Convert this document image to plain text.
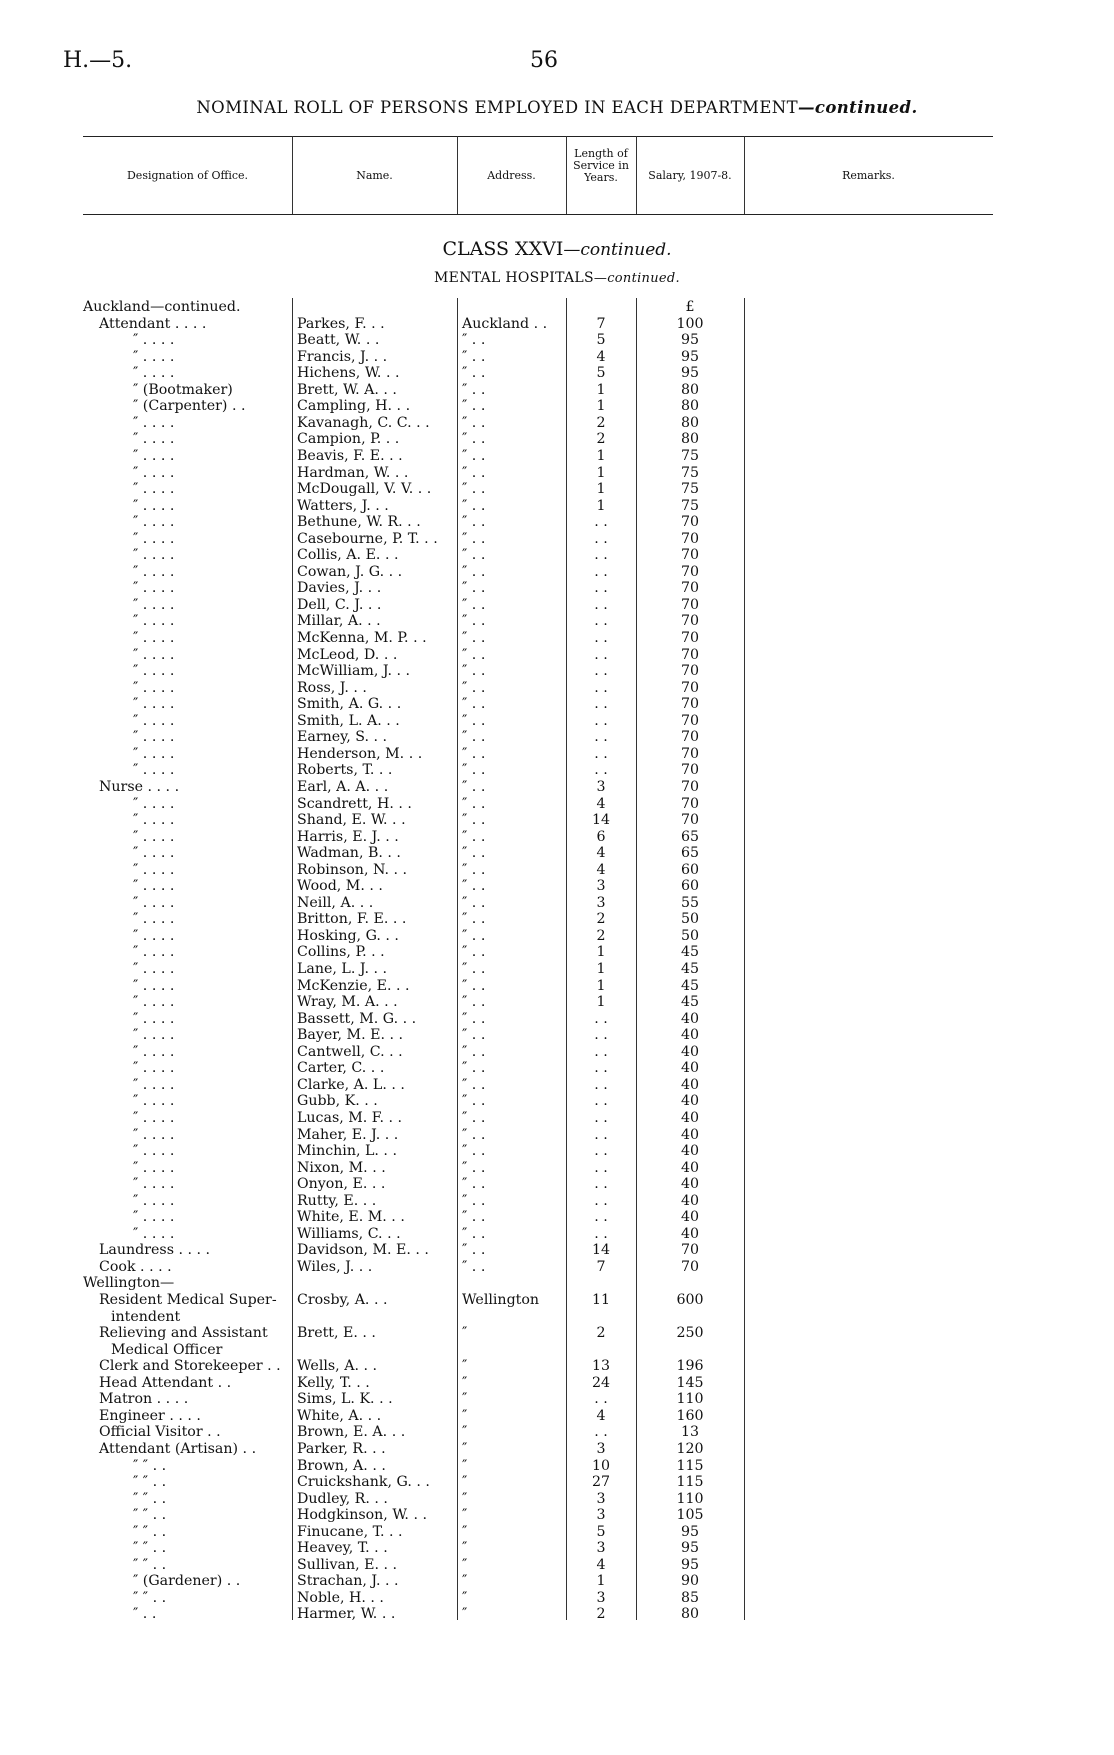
H.—5.	56
NOMINAL ROLL OF PERSONS EMPLOYED IN EACH DEPARTMENT—continued.
Designation of Office.	Name.	Address.
Length of Service in Years.	Salary, 1907-8.	Remarks.
CLASS XXVI—continued.
MENTAL HOSPITALS—continued.
£
Auckland—continued.
Attendant . . . .	Parkes, F. . .	Auckland . .	7	100
″ . . . .	Beatt, W. . .	″ . .	5	95
″ . . . .	Francis, J. . .	″ . .	4	95
″ . . . .	Hichens, W. . .	″ . .	5	95
″ (Bootmaker)	Brett, W. A. . .	″ . .	1	80
″ (Carpenter) . .	Campling, H. . .	″ . .	1	80
″ . . . .	Kavanagh, C. C. . .	″ . .	2	80
″ . . . .	Campion, P. . .	″ . .	2	80
″ . . . .	Beavis, F. E. . .	″ . .	1	75
″ . . . .	Hardman, W. . .	″ . .	1	75
″ . . . .	McDougall, V. V. . .	″ . .	1	75
″ . . . .	Watters, J. . .	″ . .	1	75
″ . . . .	Bethune, W. R. . .	″ . .	. .	70
″ . . . .	Casebourne, P. T. . .	″ . .	. .	70
″ . . . .	Collis, A. E. . .	″ . .	. .	70
″ . . . .	Cowan, J. G. . .	″ . .	. .	70
″ . . . .	Davies, J. . .	″ . .	. .	70
″ . . . .	Dell, C. J. . .	″ . .	. .	70
″ . . . .	Millar, A. . .	″ . .	. .	70
″ . . . .	McKenna, M. P. . .	″ . .	. .	70
″ . . . .	McLeod, D. . .	″ . .	. .	70
″ . . . .	McWilliam, J. . .	″ . .	. .	70
″ . . . .	Ross, J. . .	″ . .	. .	70
″ . . . .	Smith, A. G. . .	″ . .	. .	70
″ . . . .	Smith, L. A. . .	″ . .	. .	70
″ . . . .	Earney, S. . .	″ . .	. .	70
″ . . . .	Henderson, M. . .	″ . .	. .	70
″ . . . .	Roberts, T. . .	″ . .	. .	70
Nurse . . . .	Earl, A. A. . .	″ . .	3	70
″ . . . .	Scandrett, H. . .	″ . .	4	70
″ . . . .	Shand, E. W. . .	″ . .	14	70
″ . . . .	Harris, E. J. . .	″ . .	6	65
″ . . . .	Wadman, B. . .	″ . .	4	65
″ . . . .	Robinson, N. . .	″ . .	4	60
″ . . . .	Wood, M. . .	″ . .	3	60
″ . . . .	Neill, A. . .	″ . .	3	55
″ . . . .	Britton, F. E. . .	″ . .	2	50
″ . . . .	Hosking, G. . .	″ . .	2	50
″ . . . .	Collins, P. . .	″ . .	1	45
″ . . . .	Lane, L. J. . .	″ . .	1	45
″ . . . .	McKenzie, E. . .	″ . .	1	45
″ . . . .	Wray, M. A. . .	″ . .	1	45
″ . . . .	Bassett, M. G. . .	″ . .	. .	40
″ . . . .	Bayer, M. E. . .	″ . .	. .	40
″ . . . .	Cantwell, C. . .	″ . .	. .	40
″ . . . .	Carter, C. . .	″ . .	. .	40
″ . . . .	Clarke, A. L. . .	″ . .	. .	40
″ . . . .	Gubb, K. . .	″ . .	. .	40
″ . . . .	Lucas, M. F. . .	″ . .	. .	40
″ . . . .	Maher, E. J. . .	″ . .	. .	40
″ . . . .	Minchin, L. . .	″ . .	. .	40
″ . . . .	Nixon, M. . .	″ . .	. .	40
″ . . . .	Onyon, E. . .	″ . .	. .	40
″ . . . .	Rutty, E. . .	″ . .	. .	40
″ . . . .	White, E. M. . .	″ . .	. .	40
″ . . . .	Williams, C. . .	″ . .	. .	40
Laundress . . . .	Davidson, M. E. . .	″ . .	14	70
Cook . . . .	Wiles, J. . .	″ . .	7	70
Wellington—
Resident Medical Super-	Crosby, A. . .	Wellington	11	600
intendent
Relieving and Assistant	Brett, E. . .	″	2	250
Medical Officer
Clerk and Storekeeper . .	Wells, A. . .	″	13	196
Head Attendant . .	Kelly, T. . .	″	24	145
Matron . . . .	Sims, L. K. . .	″	. .	110
Engineer . . . .	White, A. . .	″	4	160
Official Visitor . .	Brown, E. A. . .	″	. .	13
Attendant (Artisan) . .	Parker, R. . .	″	3	120
″ ″ . .	Brown, A. . .	″	10	115
″ ″ . .	Cruickshank, G. . .	″	27	115
″ ″ . .	Dudley, R. . .	″	3	110
″ ″ . .	Hodgkinson, W. . .	″	3	105
″ ″ . .	Finucane, T. . .	″	5	95
″ ″ . .	Heavey, T. . .	″	3	95
″ ″ . .	Sullivan, E. . .	″	4	95
″ (Gardener) . .	Strachan, J. . .	″	1	90
″ ″ . .	Noble, H. . .	″	3	85
″ . .	Harmer, W. . .	″	2	80
